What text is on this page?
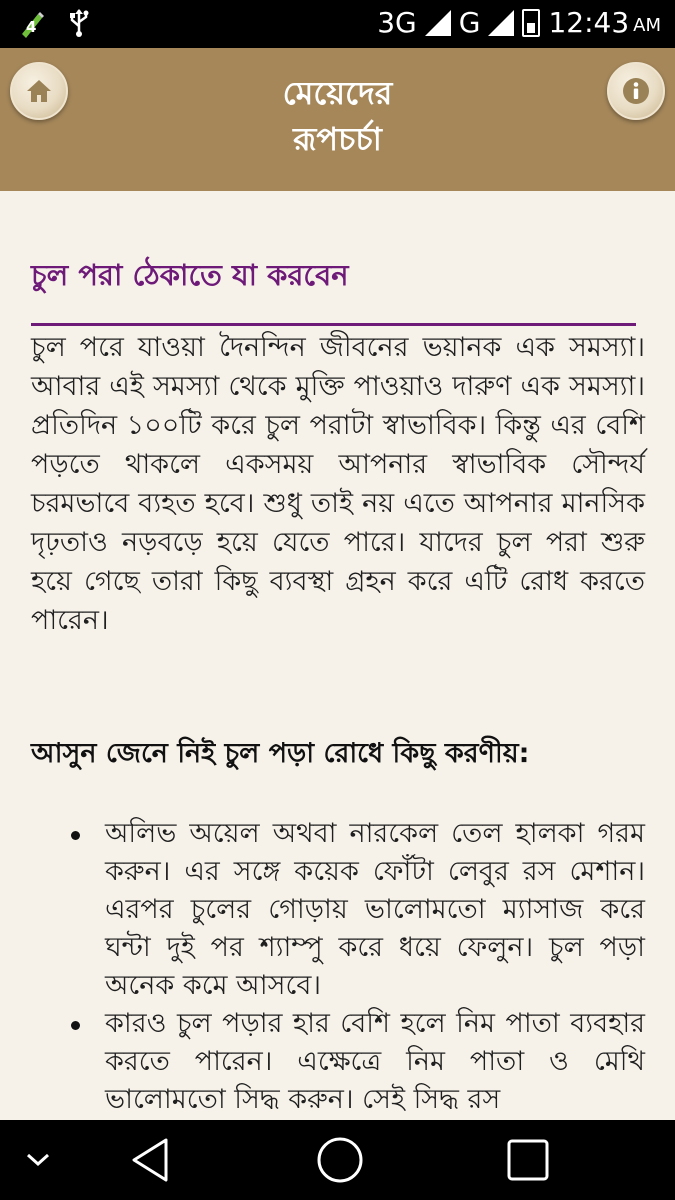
4	3G G 12:43 AM
মেয়েদের
রূপচর্চা
চুল পরা ঠেকাতে যা করবেন
চুল পরে যাওয়া দৈনন্দিন জীবনের ভয়ানক এক সমস্যা। আবার এই সমস্যা থেকে মুক্তি পাওয়াও দারুণ এক সমস্যা। প্রতিদিন ১০০টি করে চুল পরাটা স্বাভাবিক। কিন্তু এর বেশি পড়তে থাকলে একসময় আপনার স্বাভাবিক সৌন্দর্য চরমভাবে ব্যহত হবে। শুধু তাই নয় এতে আপনার মানসিক দৃঢ়তাও নড়বড়ে হয়ে যেতে পারে। যাদের চুল পরা শুরু হয়ে গেছে তারা কিছু ব্যবস্থা গ্রহন করে এটি রোধ করতে পারেন।
আসুন জেনে নিই চুল পড়া রোধে কিছু করণীয়:
অলিভ অয়েল অথবা নারকেল তেল হালকা গরম করুন। এর সঙ্গে কয়েক ফোঁটা লেবুর রস মেশান। এরপর চুলের গোড়ায় ভালোমতো ম্যাসাজ করে ঘন্টা দুই পর শ্যাম্পু করে ধয়ে ফেলুন। চুল পড়া অনেক কমে আসবে।
কারও চুল পড়ার হার বেশি হলে নিম পাতা ব্যবহার করতে পারেন। এক্ষেত্রে নিম পাতা ও মেথি ভালোমতো সিদ্ধ করুন। সেই সিদ্ধ রস
